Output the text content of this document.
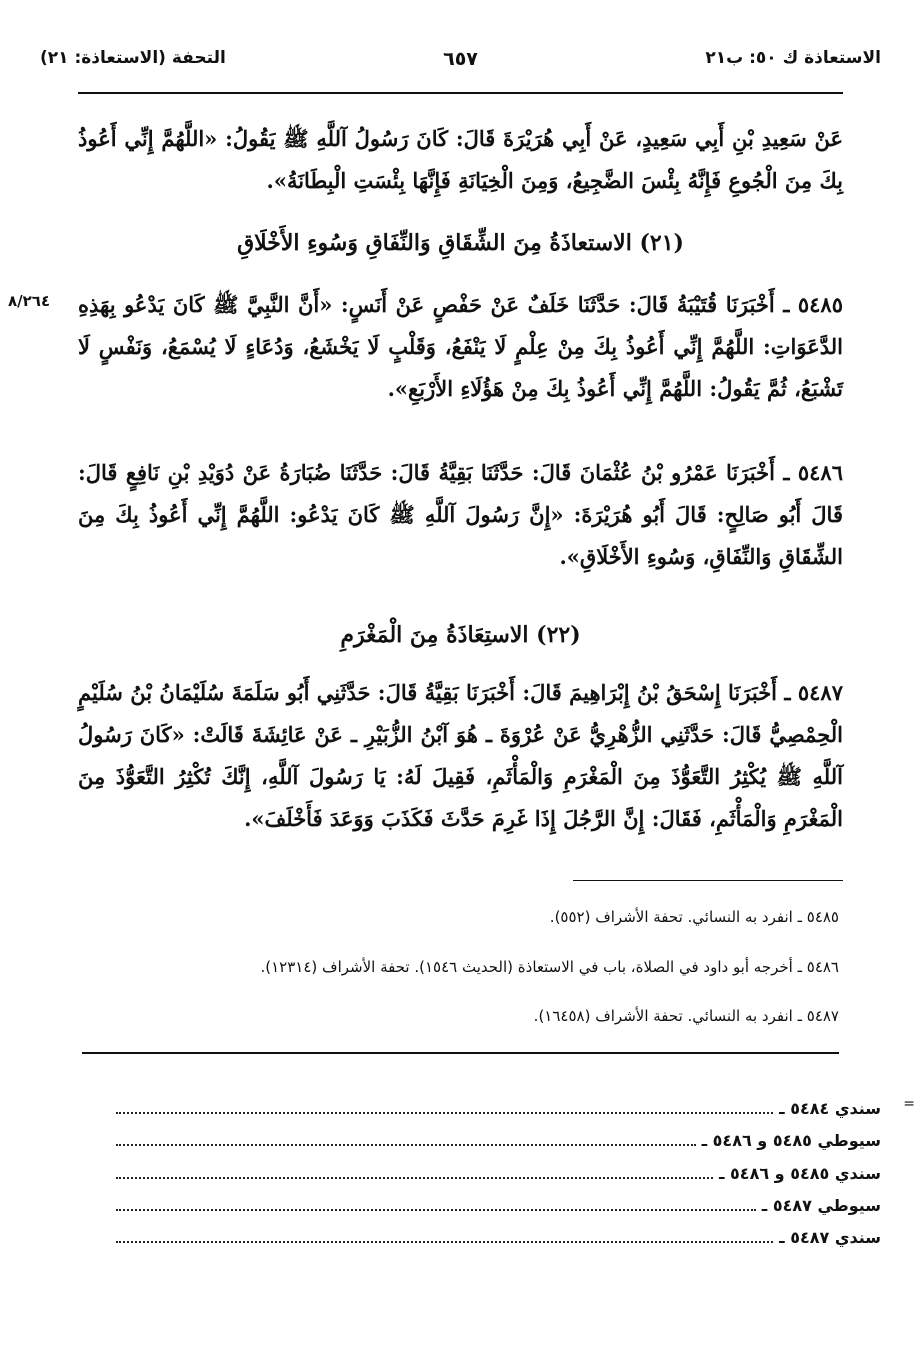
الاستعاذة ك ٥٠: ب٢١
٦٥٧
التحفة (الاستعاذة: ٢١)
عَنْ سَعِيدِ بْنِ أَبِي سَعِيدٍ، عَنْ أَبِي هُرَيْرَةَ قَالَ: كَانَ رَسُولُ آللَّهِ ﷺ يَقُولُ: «اللَّهُمَّ إِنِّي أَعُوذُ بِكَ مِنَ الْجُوعِ فَإِنَّهُ بِئْسَ الضَّجِيعُ، وَمِنَ الْخِيَانَةِ فَإِنَّهَا بِئْسَتِ الْبِطَانَةُ».
(٢١) الاستعاذَةُ مِنَ الشِّقَاقِ وَالنِّفَاقِ وَسُوءِ الأَخْلَاقِ
٨/٢٦٤ ٥٤٨٥ ـ أَخْبَرَنَا قُتَيْبَةُ قَالَ: حَدَّثَنَا خَلَفٌ عَنْ حَفْصٍ عَنْ أَنَسٍ: «أَنَّ النَّبِيَّ ﷺ كَانَ يَدْعُو بِهَذِهِ الدَّعَوَاتِ: اللَّهُمَّ إِنِّي أَعُوذُ بِكَ مِنْ عِلْمٍ لَا يَنْفَعُ، وَقَلْبٍ لَا يَخْشَعُ، وَدُعَاءٍ لَا يُسْمَعُ، وَنَفْسٍ لَا تَشْبَعُ، ثُمَّ يَقُولُ: اللَّهُمَّ إِنِّي أَعُوذُ بِكَ مِنْ هَؤُلَاءِ الأَرْبَعِ».
٥٤٨٦ ـ أَخْبَرَنَا عَمْرُو بْنُ عُثْمَانَ قَالَ: حَدَّثَنَا بَقِيَّةُ قَالَ: حَدَّثَنَا ضُبَارَةُ عَنْ دُوَيْدِ بْنِ نَافِعٍ قَالَ: قَالَ أَبُو صَالِحٍ: قَالَ أَبُو هُرَيْرَةَ: «إِنَّ رَسُولَ آللَّهِ ﷺ كَانَ يَدْعُو: اللَّهُمَّ إِنِّي أَعُوذُ بِكَ مِنَ الشِّقَاقِ وَالنِّفَاقِ، وَسُوءِ الأَخْلَاقِ».
(٢٢) الاستِعَاذَةُ مِنَ الْمَغْرَمِ
٥٤٨٧ ـ أَخْبَرَنَا إِسْحَقُ بْنُ إِبْرَاهِيمَ قَالَ: أَخْبَرَنَا بَقِيَّةُ قَالَ: حَدَّثَنِي أَبُو سَلَمَةَ سُلَيْمَانُ بْنُ سُلَيْمٍ الْحِمْصِيُّ قَالَ: حَدَّثَنِي الزُّهْرِيُّ عَنْ عُرْوَةَ ـ هُوَ آبْنُ الزُّبَيْرِ ـ عَنْ عَائِشَةَ قَالَتْ: «كَانَ رَسُولُ آللَّهِ ﷺ يُكْثِرُ التَّعَوُّذَ مِنَ الْمَغْرَمِ وَالْمَأْثَمِ، فَقِيلَ لَهُ: يَا رَسُولَ آللَّهِ، إِنَّكَ تُكْثِرُ التَّعَوُّذَ مِنَ الْمَغْرَمِ وَالْمَأْثَمِ، فَقَالَ: إِنَّ الرَّجُلَ إِذَا غَرِمَ حَدَّثَ فَكَذَبَ وَوَعَدَ فَأَخْلَفَ».
٥٤٨٥ ـ انفرد به النسائي. تحفة الأشراف (٥٥٢).
٥٤٨٦ ـ أخرجه أبو داود في الصلاة، باب في الاستعاذة (الحديث ١٥٤٦). تحفة الأشراف (١٢٣١٤).
٥٤٨٧ ـ انفرد به النسائي. تحفة الأشراف (١٦٤٥٨).
=
سندي ٥٤٨٤ ـ
سيوطي ٥٤٨٥ و ٥٤٨٦ ـ
سندي ٥٤٨٥ و ٥٤٨٦ ـ
سيوطي ٥٤٨٧ ـ
سندي ٥٤٨٧ ـ
